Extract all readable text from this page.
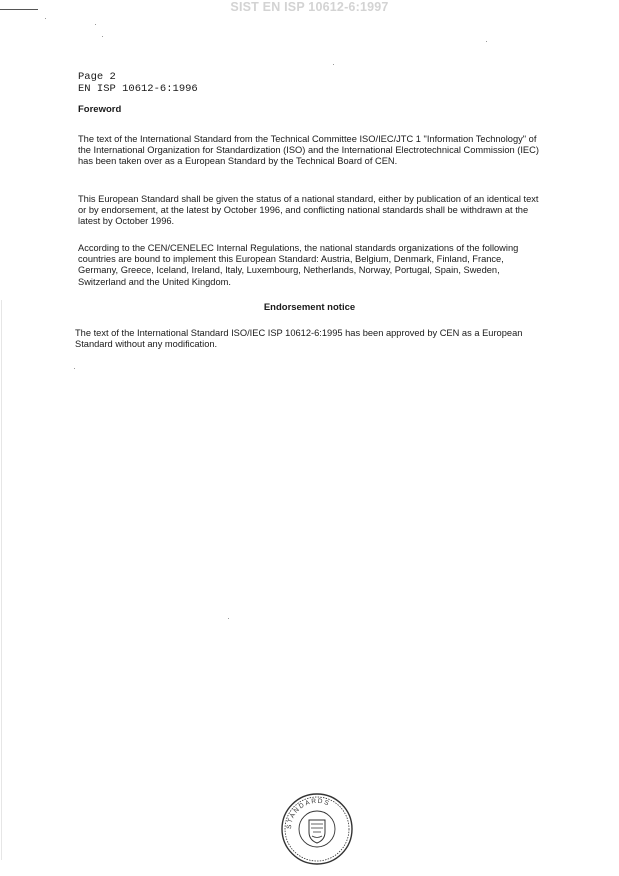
SIST EN ISP 10612-6:1997
Page 2
EN ISP 10612-6:1996
Foreword

The text of the International Standard from the Technical Committee ISO/IEC/JTC 1 "Information Technology" of the International Organization for Standardization (ISO) and the International Electrotechnical Commission (IEC) has been taken over as a European Standard by the Technical Board of CEN.

This European Standard shall be given the status of a national standard, either by publication of an identical text or by endorsement, at the latest by October 1996, and conflicting national standards shall be withdrawn at the latest by October 1996.

According to the CEN/CENELEC Internal Regulations, the national standards organizations of the following countries are bound to implement this European Standard: Austria, Belgium, Denmark, Finland, France, Germany, Greece, Iceland, Ireland, Italy, Luxembourg, Netherlands, Norway, Portugal, Spain, Sweden, Switzerland and the United Kingdom.

Endorsement notice

The text of the International Standard ISO/IEC ISP 10612-6:1995 has been approved by CEN as a European Standard without any modification.

STANDARDS
